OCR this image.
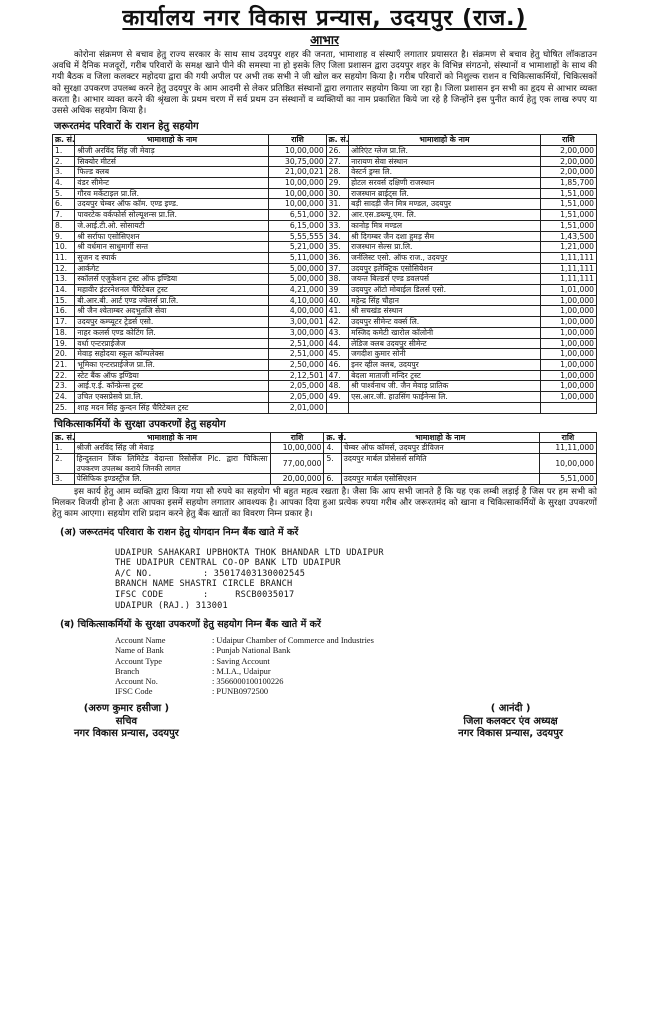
कार्यालय नगर विकास प्रन्यास, उदयपुर (राज.)
आभार

कोरोना संक्रमण से बचाव हेतु राज्य सरकार के साथ साथ उदयपुर शहर की जनता, भामाशाह व संस्थाएँ लगातार प्रयासरत है। संक्रमण से बचाव हेतु घोषित लॉकडाउन अवधि में दैनिक मजदूरों, गरीब परिवारों के समक्ष खाने पीने की समस्या ना हो इसके लिए जिला प्रशासन द्वारा उदयपुर शहर के विभिन्न संगठनो, संस्थानों व भामाशाहों के साथ की गयी बैठक व जिला कलक्टर महोदया द्वारा की गयी अपील पर अभी तक सभी ने जी खोल कर सहयोग किया है। गरीब परिवारों को निशुल्क राशन व चिकित्साकर्मियों, चिकित्सकों को सुरक्षा उपकरण उपलब्ध करने हेतु उदयपुर के आम आदमी से लेकर प्रतिष्ठित संस्थानों द्वारा लगातार सहयोग किया जा रहा है। जिला प्रशासन इन सभी का हृदय से आभार व्यक्त करता है। आभार व्यक्त करने की श्रृंखला के प्रथम चरण में सर्व प्रथम उन संस्थानों व व्यक्तियों का नाम प्रकाशित किये जा रहे है जिन्होंने इस पुनीत कार्य हेतु एक लाख रुपए या उससे अधिक सहयोग किया है।

जरूरतमंद परिवारों के राशन हेतु सहयोग
क्र. सं.	भामाशाहो के नाम	राशि	क्र. सं.	भामाशाहो के नाम	राशि
1.	श्रीजी अरविंद सिंह जी मेवाड़	10,00,000	26.	ओरिएंट ग्लेज प्रा.लि.	2,00,000
2.	सिक्योर मीटर्स	30,75,000	27.	नारायण सेवा संस्थान	2,00,000
3.	फिल्ड क्लब	21,00,021	28.	वेस्टर्न ड्रग्स लि.	2,00,000
4.	वंडर सीमेन्ट	10,00,000	29.	होटल सरवर्स दक्षिणी राजस्थान	1,85,700
5.	गौरव मर्केटाइल प्रा.लि.	10,00,000	30.	राजस्थान ब्राईट्स लि.	1,51,000
6.	उदयपुर चेम्बर ऑफ कॉम. एण्ड इण्ड.	10,00,000	31.	बड़ी सादड़ी जैन मित्र मण्डल, उदयपुर	1,51,000
7.	पावरटेक वर्कफोर्स सोल्यूशन्स प्रा.लि.	6,51,000	32.	आर.एस.डब्ल्यू.एम. लि.	1,51,000
8.	जे.आई.टी.ओ. सोसायटी	6,15,000	33.	कानोड़ मित्र मण्डल	1,51,000
9.	श्री सर्राफा एसोसिएशन	5,55,555	34.	श्री दिगम्बर जैन दशा हुमड़ सैम	1,43,500
10.	श्री वर्धमान साधुमार्गी सन्त	5,21,000	35.	राजस्थान सेल्स प्रा.लि.	1,21,000
11.	सुजन द स्पार्क	5,11,000	36.	जर्नलिस्ट एसो. ऑफ राज., उदयपुर	1,11,111
12.	आर्कगेट	5,00,000	37.	उदयपुर इलेक्ट्रिक एसोसियेशन	1,11,111
13.	स्कॉलर्स एजुकेशन ट्रस्ट ऑफ इण्डिया	5,00,000	38.	जयन्त बिल्डर्स एण्ड डवलपर्स	1,11,111
14.	महावीर इंटरनेशनल चैरिटेबल ट्रस्ट	4,21,000	39	उदयपुर ऑटो मोबाईल डिलर्स एसो.	1,01,000
15.	बी.आर.बी. आर्ट एण्ड ज्वेलर्स प्रा.लि.	4,10,000	40.	महेन्द्र सिंह चौहान	1,00,000
16.	श्री जैन श्वेताम्बर अदभुतजि सेवा	4,00,000	41.	श्री सचखंड संस्थान	1,00,000
17.	उदयपुर कम्प्यूटर ट्रेडर्स एसो.	3,00,001	42.	उदयपुर सीमेन्ट वर्क्स लि.	1,00,000
18.	नाहर कलर्स एण्ड कोटिंग लि.	3,00,000	43.	मस्जिद कमेटी खारोल कॉलोनी	1,00,000
19.	वर्धा एन्टरप्राईजेज	2,51,000	44.	लेडिज क्लब उदयपुर सीमेन्ट	1,00,000
20.	मेवाड़ सहोदया स्कूल कॉम्पलेक्स	2,51,000	45.	जगदीश कुमार सोनी	1,00,000
21.	भूमिका एन्टरप्राईजेज प्रा.लि.	2,50,000	46.	इनर व्हील क्लब, उदयपुर	1,00,000
22.	स्टेट बैंक ऑफ इण्डिया	2,12,501	47.	बेदला माताजी मन्दिर ट्रस्ट	1,00,000
23.	आई.ए.ई. कॉन्फ्रेन्स ट्रस्ट	2,05,000	48.	श्री पार्श्वनाथ जी. जैन मेवाड़ प्रातिक	1,00,000
24.	उचित एक्सप्रेसवे प्रा.लि.	2,05,000	49.	एस.आर.जी. हाउसिंग फाईनेन्स लि.	1,00,000
25.	शाह मदन सिंह कुन्दन सिंह चैरिटेबल ट्रस्ट	2,01,000			
चिकित्साकर्मियों के सुरक्षा उपकरणों हेतु सहयोग
क्र. सं.	भामाशाहो के नाम	राशि	क्र. सं.	भामाशाहो के नाम	राशि
1.	श्रीजी अरविंद सिंह जी मेवाड़	10,00,000	4.	चेम्बर ऑफ कॉमर्स, उदयपुर डीविजन	11,11,000
2.	हिन्दुस्तान जिंक लिमिटेड वेदान्ता रिसोर्सेज Plc. द्वारा चिकित्सा उपकरण उपलब्ध कराये जिनकी लागत	77,00,000	5.	उदयपुर मार्बल प्रोसेसर्स समिति	10,00,000
3.	पेसिफिक इण्डस्ट्रीज लि.	20,00,000	6.	उदयपुर मार्बल एसोसिएशन	5,51,000

इस कार्य हेतु आम व्यक्ति द्वारा किया गया सौ रुपये का सहयोग भी बहुत महत्व रखता है। जैसा कि आप सभी जानते हैं कि यह एक लम्बी लड़ाई है जिस पर हम सभी को मिलकर विजयी होना है अतः आपका इसमें सहयोग लगातार आवश्यक है। आपका दिया हुआ प्रत्येक रुपया गरीब और जरूरतमंद को खाना व चिकित्साकर्मियों के सुरक्षा उपकरणों हेतु काम आएगा। सहयोग राशि प्रदान करने हेतु बैंक खातों का विवरण निम्न प्रकार है।

(अ) जरूरतमंद परिवारा के राशन हेतु योगदान निम्न बैंक खाते में करें
UDAIPUR SAHAKARI UPBHOKTA THOK BHANDAR LTD UDAIPUR
THE UDAIPUR CENTRAL CO-OP BANK LTD UDAIPUR
A/C NO.	: 35017403130002545
BRANCH NAME SHASTRI CIRCLE BRANCH
IFSC CODE	:     RSCB0035017
UDAIPUR (RAJ.) 313001
(ब) चिकित्साकर्मियों के सुरक्षा उपकरणों हेतु सहयोग निम्न बैंक खाते में करें
Account Name	: Udaipur Chamber of Commerce and Industries
Name of Bank	: Punjab National Bank
Account Type	: Saving Account
Branch	: M.I.A., Udaipur
Account No.	: 3566000100100226
IFSC Code	: PUNB0972500
(अरुण कुमार हसीजा )
सचिव
नगर विकास प्रन्यास, उदयपुर
( आनंदी )
जिला कलक्टर एंव अध्यक्ष
नगर विकास प्रन्यास, उदयपुर
